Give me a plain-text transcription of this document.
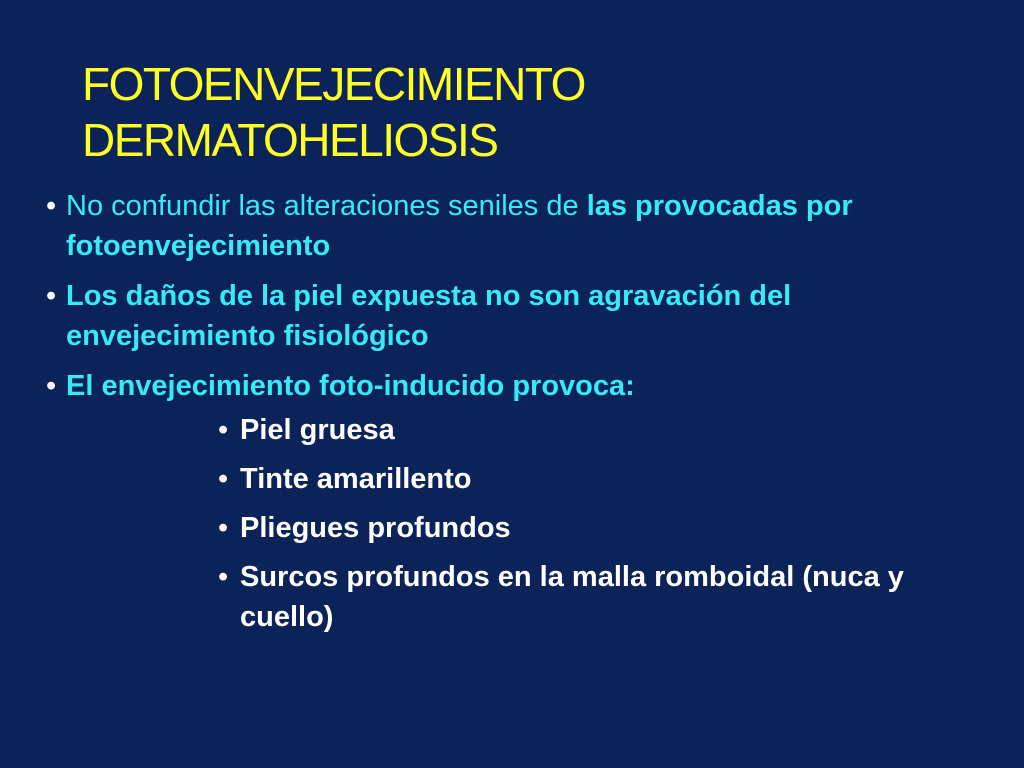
FOTOENVEJECIMIENTO
DERMATOHELIOSIS
• No confundir las alteraciones seniles de las provocadas por fotoenvejecimiento
• Los daños de la piel expuesta no son agravación del envejecimiento fisiológico
• El envejecimiento foto-inducido provoca:
• Piel gruesa
• Tinte amarillento
• Pliegues profundos
• Surcos profundos en la malla romboidal (nuca y cuello)
